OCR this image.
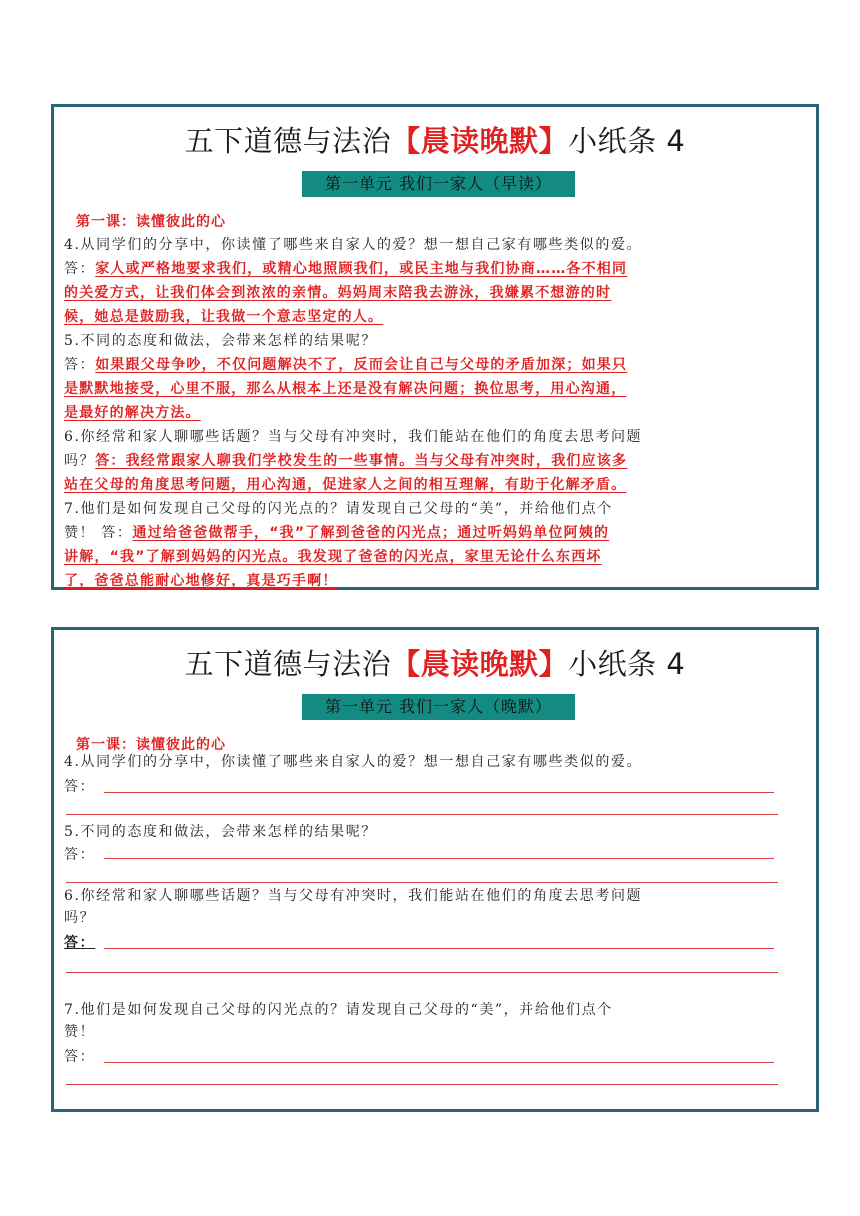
五下道德与法治【晨读晚默】小纸条 4
第一单元 我们一家人（早读）
第一课：读懂彼此的心
4.从同学们的分享中，你读懂了哪些来自家人的爱？想一想自己家有哪些类似的爱。
答：家人或严格地要求我们，或精心地照顾我们，或民主地与我们协商……各不相同
的关爱方式，让我们体会到浓浓的亲情。妈妈周末陪我去游泳，我嫌累不想游的时
候，她总是鼓励我，让我做一个意志坚定的人。
5.不同的态度和做法，会带来怎样的结果呢？
答：如果跟父母争吵，不仅问题解决不了，反而会让自己与父母的矛盾加深；如果只
是默默地接受，心里不服，那么从根本上还是没有解决问题；换位思考，用心沟通，
是最好的解决方法。
6.你经常和家人聊哪些话题？当与父母有冲突时，我们能站在他们的角度去思考问题
吗？答：我经常跟家人聊我们学校发生的一些事情。当与父母有冲突时，我们应该多
站在父母的角度思考问题，用心沟通，促进家人之间的相互理解，有助于化解矛盾。
7.他们是如何发现自己父母的闪光点的？请发现自己父母的“美”，并给他们点个
赞！ 答：通过给爸爸做帮手，“我”了解到爸爸的闪光点；通过听妈妈单位阿姨的
讲解，“我”了解到妈妈的闪光点。我发现了爸爸的闪光点，家里无论什么东西坏
了，爸爸总能耐心地修好，真是巧手啊！
五下道德与法治【晨读晚默】小纸条 4
第一单元 我们一家人（晚默）
第一课：读懂彼此的心
4.从同学们的分享中，你读懂了哪些来自家人的爱？想一想自己家有哪些类似的爱。
答：
5.不同的态度和做法，会带来怎样的结果呢？
答：
6.你经常和家人聊哪些话题？当与父母有冲突时，我们能站在他们的角度去思考问题
吗？
答：
7.他们是如何发现自己父母的闪光点的？请发现自己父母的“美”，并给他们点个
赞！
答：
